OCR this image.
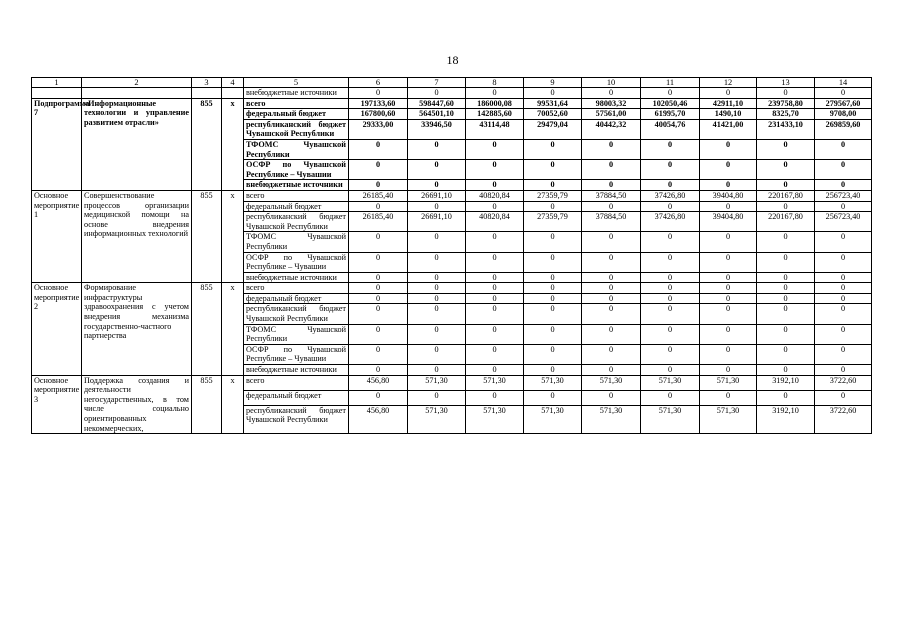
18
1	2	3	4	5	6	7	8	9	10	11	12	13	14
				внебюджетные источники	0	0	0	0	0	0	0	0	0
Подпрограмма 7	«Информационные технологии и управление развитием отрасли»	855	х	всего	197133,60	598447,60	186000,08	99531,64	98003,32	102050,46	42911,10	239758,80	279567,60
				федеральный бюджет	167800,60	564501,10	142885,60	70052,60	57561,00	61995,70	1490,10	8325,70	9708,00
				республиканский бюджет Чувашской Республики	29333,00	33946,50	43114,48	29479,04	40442,32	40054,76	41421,00	231433,10	269859,60
				ТФОМС Чувашской Республики	0	0	0	0	0	0	0	0	0
				ОСФР по Чувашской Республике – Чувашии	0	0	0	0	0	0	0	0	0
				внебюджетные источники	0	0	0	0	0	0	0	0	0
Основное мероприятие 1	Совершенствование процессов организации медицинской помощи на основе внедрения информационных технологий	855	х	всего	26185,40	26691,10	40820,84	27359,79	37884,50	37426,80	39404,80	220167,80	256723,40
				федеральный бюджет	0	0	0	0	0	0	0	0	0
				республиканский бюджет Чувашской Республики	26185,40	26691,10	40820,84	27359,79	37884,50	37426,80	39404,80	220167,80	256723,40
				ТФОМС Чувашской Республики	0	0	0	0	0	0	0	0	0
				ОСФР по Чувашской Республике – Чувашии	0	0	0	0	0	0	0	0	0
				внебюджетные источники	0	0	0	0	0	0	0	0	0
Основное мероприятие 2	Формирование инфраструктуры здравоохранения с учетом внедрения механизма государственно-частного партнерства	855	х	всего	0	0	0	0	0	0	0	0	0
				федеральный бюджет	0	0	0	0	0	0	0	0	0
				республиканский бюджет Чувашской Республики	0	0	0	0	0	0	0	0	0
				ТФОМС Чувашской Республики	0	0	0	0	0	0	0	0	0
				ОСФР по Чувашской Республике – Чувашии	0	0	0	0	0	0	0	0	0
				внебюджетные источники	0	0	0	0	0	0	0	0	0
Основное мероприятие 3	Поддержка создания и деятельности негосударственных, в том числе социально ориентированных некоммерческих,	855	х	всего	456,80	571,30	571,30	571,30	571,30	571,30	571,30	3192,10	3722,60
				федеральный бюджет	0	0	0	0	0	0	0	0	0
				республиканский бюджет Чувашской Республики	456,80	571,30	571,30	571,30	571,30	571,30	571,30	3192,10	3722,60
